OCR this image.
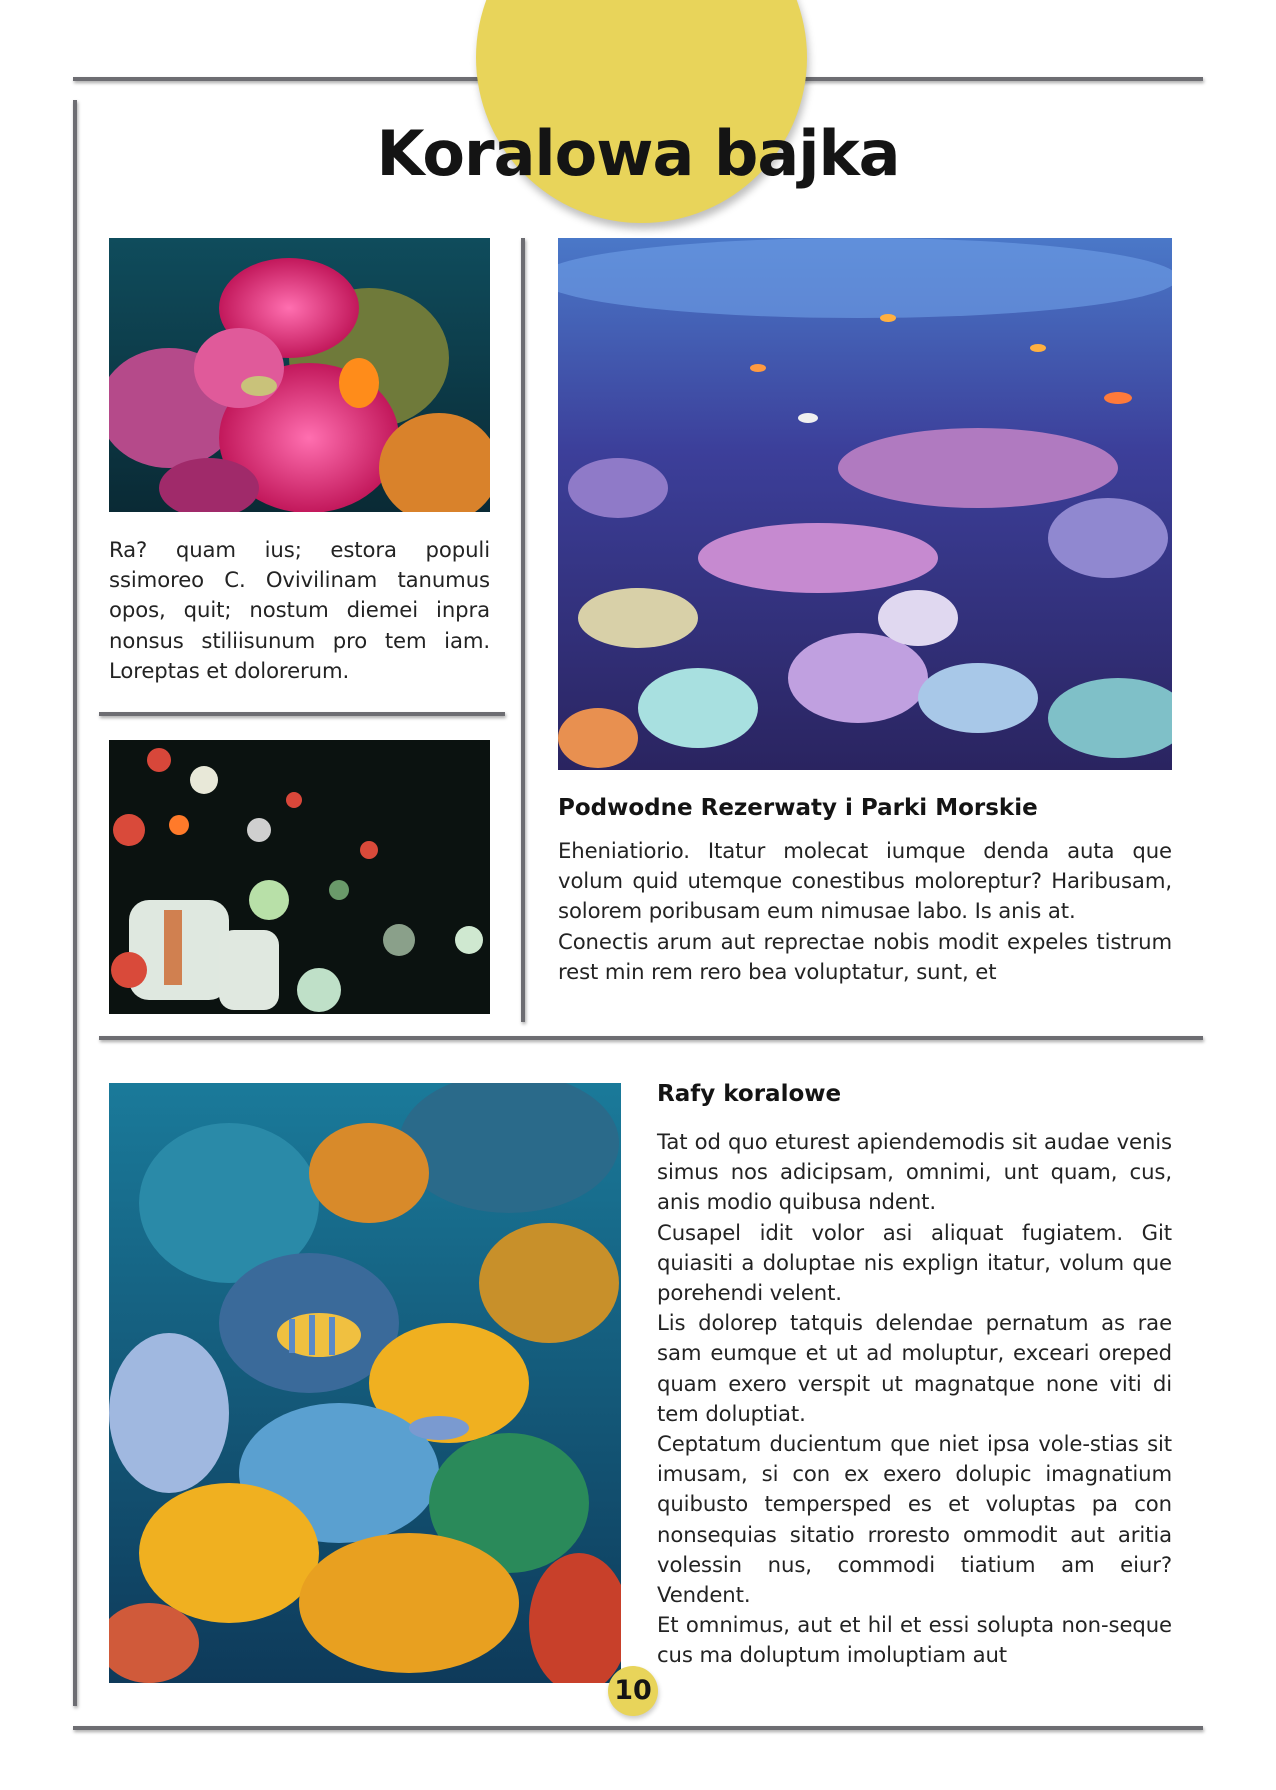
Koralowa bajka

Ra? quam ius; estora populi ssimoreo C. Ovivilinam tanumus opos, quit; nostum diemei inpra nonsus stiliisunum pro tem iam. Loreptas et dolorerum.

Podwodne Rezerwaty i Parki Morskie

Eheniatiorio. Itatur molecat iumque denda auta que volum quid utemque conestibus moloreptur? Haribusam, solorem poribusam eum nimusae labo. Is anis at.

Conectis arum aut reprectae nobis modit expeles tistrum rest min rem rero bea voluptatur, sunt, et

Rafy koralowe

Tat od quo eturest apiendemodis sit audae venis simus nos adicipsam, omnimi, unt quam, cus, anis modio quibusa ndent.

Cusapel idit volor asi aliquat fugiatem. Git quiasiti a doluptae nis explign itatur, volum que porehendi velent.

Lis dolorep tatquis delendae pernatum as rae sam eumque et ut ad moluptur, exceari oreped quam exero verspit ut magnatque none viti di tem doluptiat.

Ceptatum ducientum que niet ipsa vole-stias sit imusam, si con ex exero dolupic imagnatium quibusto tempersped es et voluptas pa con nonsequias sitatio rroresto ommodit aut aritia volessin nus, commodi tiatium am eiur? Vendent.

Et omnimus, aut et hil et essi solupta non-seque cus ma doluptum imoluptiam aut

10
